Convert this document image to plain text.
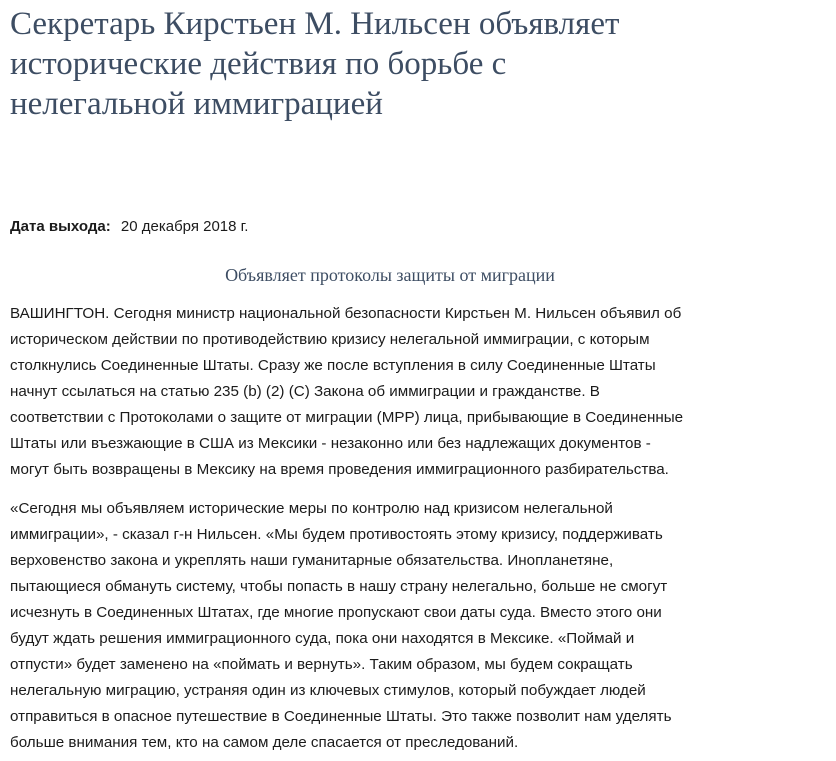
Секретарь Кирстьен М. Нильсен объявляет
исторические действия по борьбе с
нелегальной иммиграцией
Дата выхода: 20 декабря 2018 г.
Объявляет протоколы защиты от миграции

ВАШИНГТОН. Сегодня министр национальной безопасности Кирстьен М. Нильсен объявил об
историческом действии по противодействию кризису нелегальной иммиграции, с которым
столкнулись Соединенные Штаты. Сразу же после вступления в силу Соединенные Штаты
начнут ссылаться на статью 235 (b) (2) (C) Закона об иммиграции и гражданстве. В
соответствии с Протоколами о защите от миграции (MPP) лица, прибывающие в Соединенные
Штаты или въезжающие в США из Мексики - незаконно или без надлежащих документов -
могут быть возвращены в Мексику на время проведения иммиграционного разбирательства.

«Сегодня мы объявляем исторические меры по контролю над кризисом нелегальной
иммиграции», - сказал г-н Нильсен. «Мы будем противостоять этому кризису, поддерживать
верховенство закона и укреплять наши гуманитарные обязательства. Инопланетяне,
пытающиеся обмануть систему, чтобы попасть в нашу страну нелегально, больше не смогут
исчезнуть в Соединенных Штатах, где многие пропускают свои даты суда. Вместо этого они
будут ждать решения иммиграционного суда, пока они находятся в Мексике. «Поймай и
отпусти» будет заменено на «поймать и вернуть». Таким образом, мы будем сокращать
нелегальную миграцию, устраняя один из ключевых стимулов, который побуждает людей
отправиться в опасное путешествие в Соединенные Штаты. Это также позволит нам уделять
больше внимания тем, кто на самом деле спасается от преследований.
